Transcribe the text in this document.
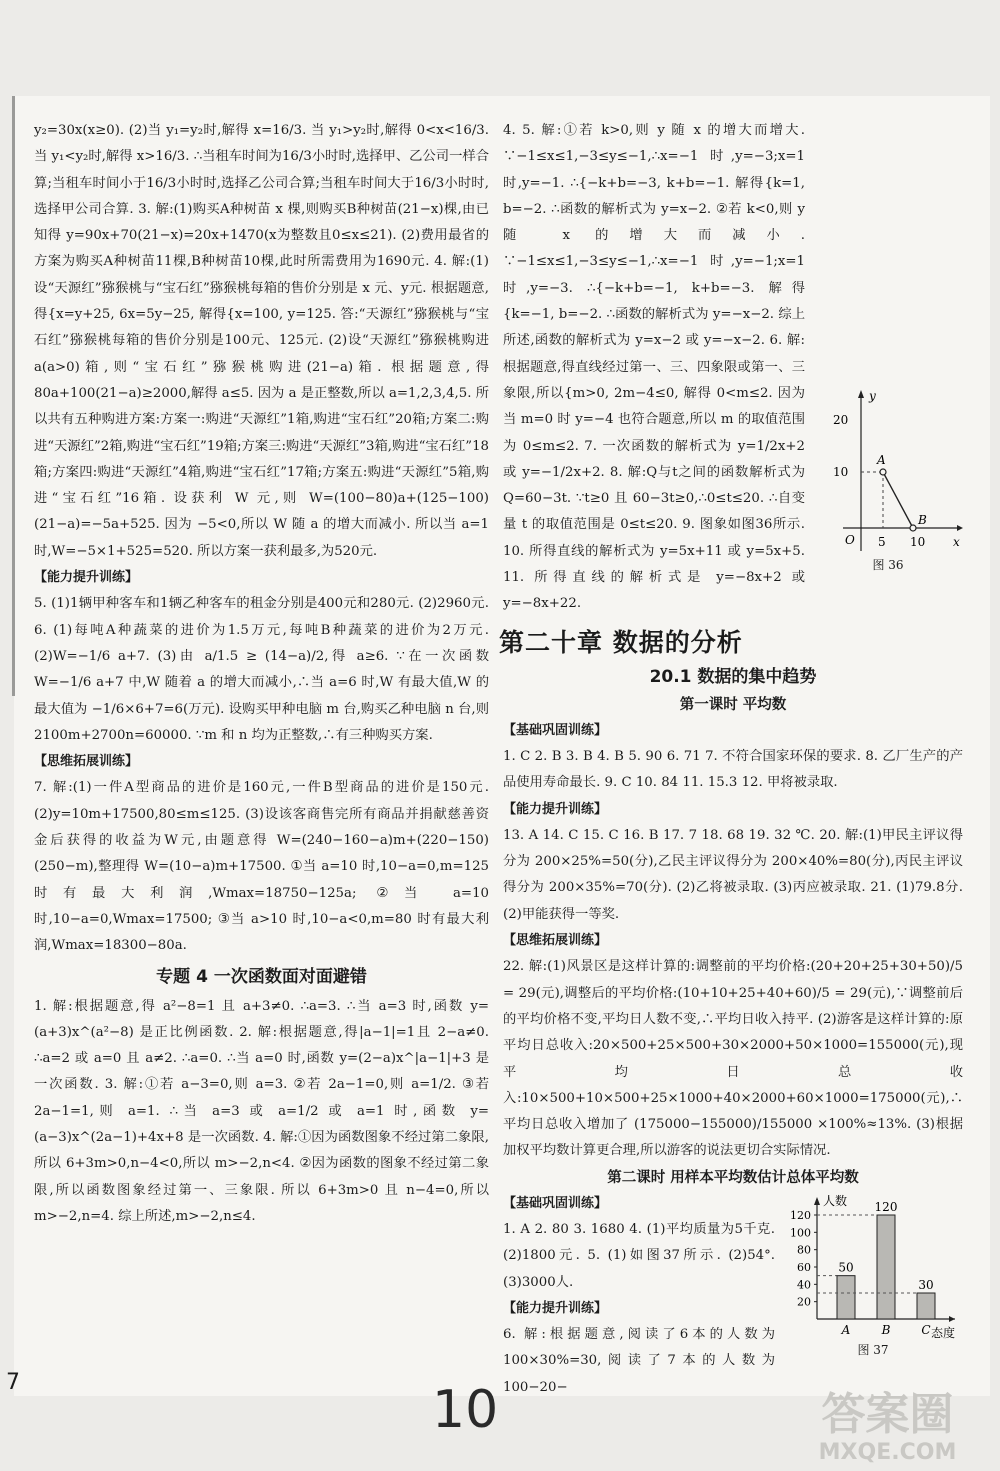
y₂=30x(x≥0). (2)当 y₁=y₂时,解得 x=16/3. 当 y₁>y₂时,解得 0<x<16/3. 当 y₁<y₂时,解得 x>16/3. ∴当租车时间为16/3小时时,选择甲、乙公司一样合算;当租车时间小于16/3小时时,选择乙公司合算;当租车时间大于16/3小时时,选择甲公司合算. 3. 解:(1)购买A种树苗 x 棵,则购买B种树苗(21−x)棵,由已知得 y=90x+70(21−x)=20x+1470(x为整数且0≤x≤21). (2)费用最省的方案为购买A种树苗11棵,B种树苗10棵,此时所需费用为1690元. 4. 解:(1)设“天源红”猕猴桃与“宝石红”猕猴桃每箱的售价分别是 x 元、y元. 根据题意,得{x=y+25, 6x=5y−25, 解得{x=100, y=125. 答:“天源红”猕猴桃与“宝石红”猕猴桃每箱的售价分别是100元、125元. (2)设“天源红”猕猴桃购进 a(a>0)箱,则“宝石红”猕猴桃购进(21−a)箱. 根据题意,得 80a+100(21−a)≥2000,解得 a≤5. 因为 a 是正整数,所以 a=1,2,3,4,5. 所以共有五种购进方案:方案一:购进“天源红”1箱,购进“宝石红”20箱;方案二:购进“天源红”2箱,购进“宝石红”19箱;方案三:购进“天源红”3箱,购进“宝石红”18箱;方案四:购进“天源红”4箱,购进“宝石红”17箱;方案五:购进“天源红”5箱,购进“宝石红”16箱. 设获利 W 元,则 W=(100−80)a+(125−100)(21−a)=−5a+525. 因为 −5<0,所以 W 随 a 的增大而减小. 所以当 a=1 时,W=−5×1+525=520. 所以方案一获利最多,为520元.

【能力提升训练】

5. (1)1辆甲种客车和1辆乙种客车的租金分别是400元和280元. (2)2960元. 6. (1)每吨A种蔬菜的进价为1.5万元,每吨B种蔬菜的进价为2万元. (2)W=−1/6 a+7. (3)由 a/1.5 ≥ (14−a)/2,得 a≥6. ∵在一次函数 W=−1/6 a+7 中,W 随着 a 的增大而减小,∴当 a=6 时,W 有最大值,W 的最大值为 −1/6×6+7=6(万元). 设购买甲种电脑 m 台,购买乙种电脑 n 台,则 2100m+2700n=60000. ∵m 和 n 均为正整数,∴有三种购买方案.

【思维拓展训练】

7. 解:(1)一件A型商品的进价是160元,一件B型商品的进价是150元. (2)y=10m+17500,80≤m≤125. (3)设该客商售完所有商品并捐献慈善资金后获得的收益为W元,由题意得 W=(240−160−a)m+(220−150)(250−m),整理得 W=(10−a)m+17500. ①当 a=10 时,10−a=0,m=125 时有最大利润,Wmax=18750−125a; ②当 a=10 时,10−a=0,Wmax=17500; ③当 a>10 时,10−a<0,m=80 时有最大利润,Wmax=18300−80a.

专题 4 一次函数面对面避错

1. 解:根据题意,得 a²−8=1 且 a+3≠0. ∴a=3. ∴当 a=3 时,函数 y=(a+3)x^(a²−8) 是正比例函数. 2. 解:根据题意,得|a−1|=1且 2−a≠0. ∴a=2 或 a=0 且 a≠2. ∴a=0. ∴当 a=0 时,函数 y=(2−a)x^|a−1|+3 是一次函数. 3. 解:①若 a−3=0,则 a=3. ②若 2a−1=0,则 a=1/2. ③若 2a−1=1,则 a=1. ∴当 a=3 或 a=1/2 或 a=1 时,函数 y=(a−3)x^(2a−1)+4x+8 是一次函数. 4. 解:①因为函数图象不经过第二象限,所以 6+3m>0,n−4<0,所以 m>−2,n<4. ②因为函数的图象不经过第二象限,所以函数图象经过第一、三象限. 所以 6+3m>0 且 n−4=0,所以 m>−2,n=4. 综上所述,m>−2,n≤4.

y
x
O
20
10
5 10
A
B
图 36

4. 5. 解:①若 k>0,则 y 随 x 的增大而增大. ∵−1≤x≤1,−3≤y≤−1,∴x=−1 时,y=−3;x=1 时,y=−1. ∴{−k+b=−3, k+b=−1. 解得{k=1, b=−2. ∴函数的解析式为 y=x−2. ②若 k<0,则 y 随 x 的增大而减小. ∵−1≤x≤1,−3≤y≤−1,∴x=−1 时,y=−1;x=1 时,y=−3. ∴{−k+b=−1, k+b=−3. 解得{k=−1, b=−2. ∴函数的解析式为 y=−x−2. 综上所述,函数的解析式为 y=x−2 或 y=−x−2. 6. 解:根据题意,得直线经过第一、三、四象限或第一、三象限,所以{m>0, 2m−4≤0, 解得 0<m≤2. 因为当 m=0 时 y=−4 也符合题意,所以 m 的取值范围为 0≤m≤2. 7. 一次函数的解析式为 y=1/2x+2 或 y=−1/2x+2. 8. 解:Q与t之间的函数解析式为 Q=60−3t. ∵t≥0 且 60−3t≥0,∴0≤t≤20. ∴自变量 t 的取值范围是 0≤t≤20. 9. 图象如图36所示. 10. 所得直线的解析式为 y=5x+11 或 y=5x+5. 11. 所得直线的解析式是 y=−8x+2 或 y=−8x+22.

第二十章 数据的分析
20.1 数据的集中趋势
第一课时 平均数

【基础巩固训练】

1. C 2. B 3. B 4. B 5. 90 6. 71 7. 不符合国家环保的要求. 8. 乙厂生产的产品使用寿命最长. 9. C 10. 84 11. 15.3 12. 甲将被录取.

【能力提升训练】

13. A 14. C 15. C 16. B 17. 7 18. 68 19. 32 ℃. 20. 解:(1)甲民主评议得分为 200×25%=50(分),乙民主评议得分为 200×40%=80(分),丙民主评议得分为 200×35%=70(分). (2)乙将被录取. (3)丙应被录取. 21. (1)79.8分. (2)甲能获得一等奖.

【思维拓展训练】

22. 解:(1)风景区是这样计算的:调整前的平均价格:(20+20+25+30+50)/5 = 29(元),调整后的平均价格:(10+10+25+40+60)/5 = 29(元),∵调整前后的平均价格不变,平均日人数不变,∴平均日收入持平. (2)游客是这样计算的:原平均日总收入:20×500+25×500+30×2000+50×1000=155000(元),现平均日总收入:10×500+10×500+25×1000+40×2000+60×1000=175000(元),∴平均日总收入增加了 (175000−155000)/155000 ×100%≈13%. (3)根据加权平均数计算更合理,所以游客的说法更切合实际情况.

第二课时 用样本平均数估计总体平均数
人数
态度
120
100
80
60
40
20
50
A
120
B
30
C
图 37

【基础巩固训练】

1. A 2. 80 3. 1680 4. (1)平均质量为5千克. (2)1800元. 5. (1)如图37所示. (2)54°. (3)3000人.

【能力提升训练】

6. 解:根据题意,阅读了6本的人数为 100×30%=30,阅读了7本的人数为 100−20−

7	10	答案圈
MXQE.COM
